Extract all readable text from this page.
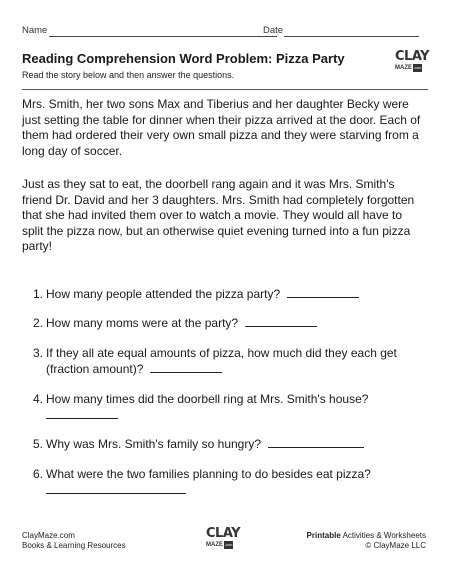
Name	Date
Reading Comprehension Word Problem: Pizza Party
Read the story below and then answer the questions.
CLAY
MAZE .com

Mrs. Smith, her two sons Max and Tiberius and her daughter Becky were just setting the table for dinner when their pizza arrived at the door. Each of them had ordered their very own small pizza and they were starving from a long day of soccer.

Just as they sat to eat, the doorbell rang again and it was Mrs. Smith's friend Dr. David and her 3 daughters. Mrs. Smith had completely forgotten that she had invited them over to watch a movie. They would all have to split the pizza now, but an otherwise quiet evening turned into a fun pizza party!

1. How many people attended the pizza party?
2. How many moms were at the party?
3. If they all ate equal amounts of pizza, how much did they each get (fraction amount)?
4. How many times did the doorbell ring at Mrs. Smith's house?
5. Why was Mrs. Smith's family so hungry?
6. What were the two families planning to do besides eat pizza?
ClayMaze.com
Books & Learning Resources
CLAY
MAZE .com
Printable Activities & Worksheets
© ClayMaze LLC
